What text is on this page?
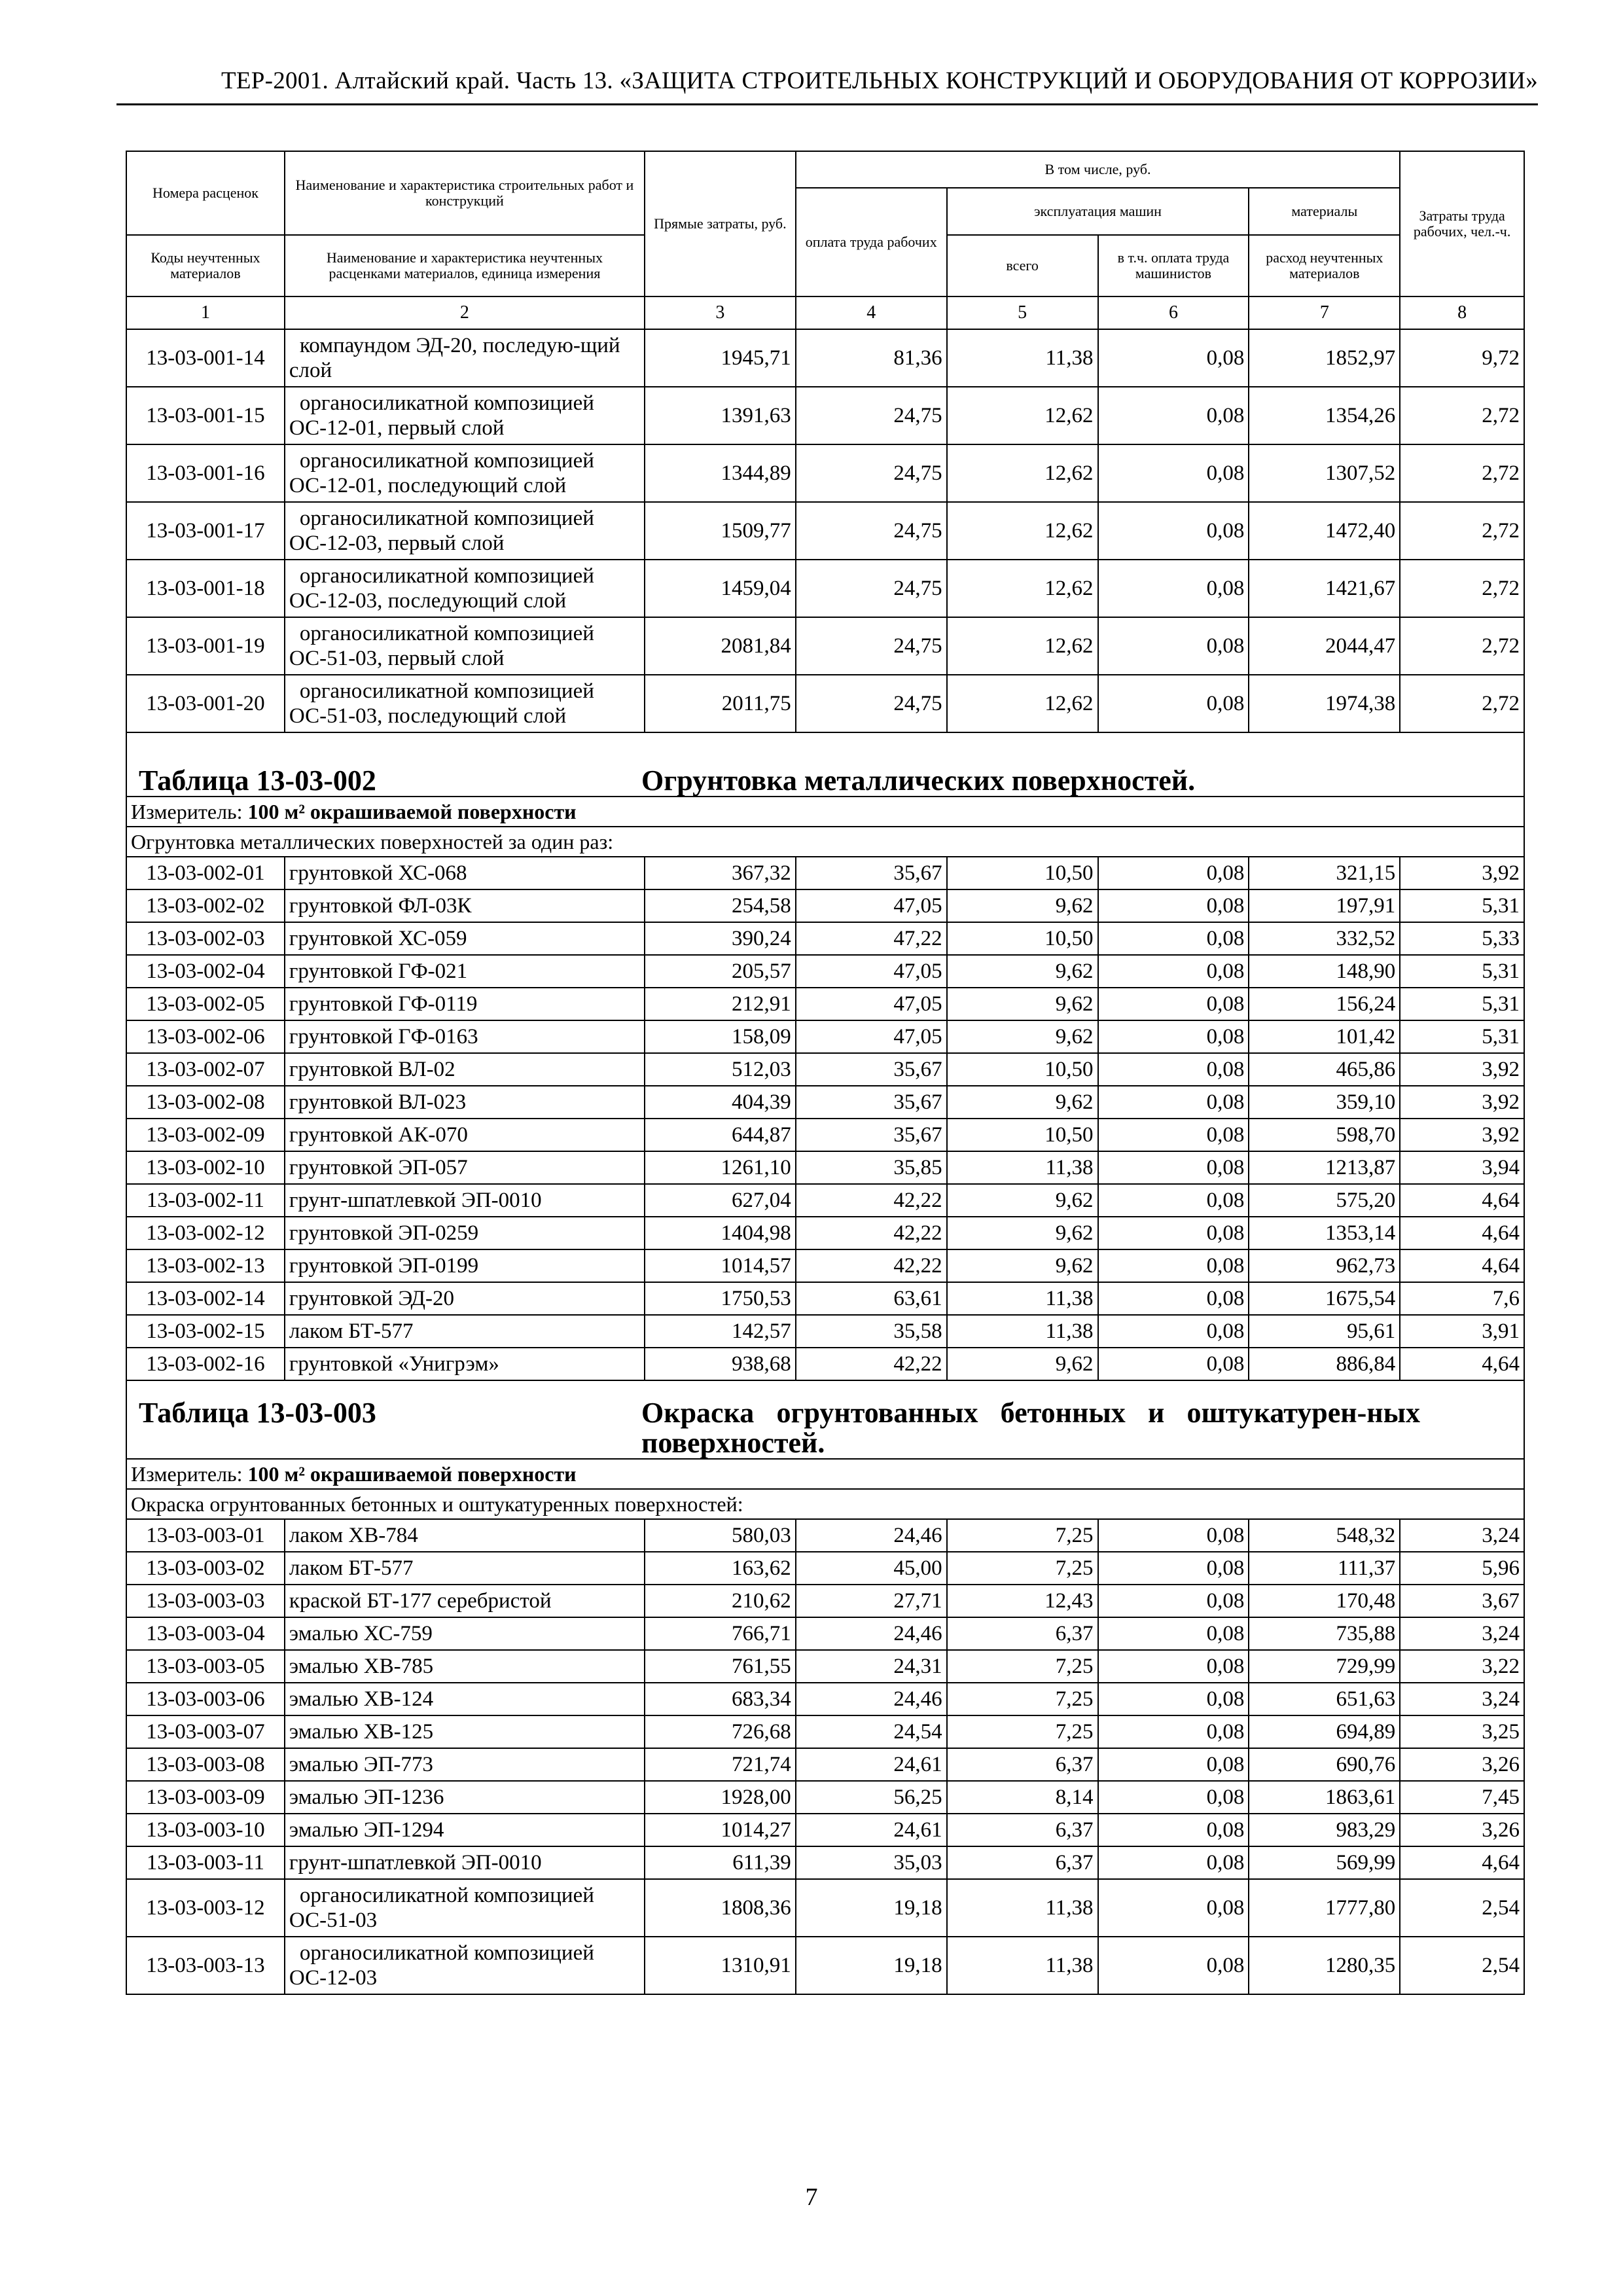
ТЕР-2001. Алтайский край. Часть 13. «ЗАЩИТА СТРОИТЕЛЬНЫХ КОНСТРУКЦИЙ И ОБОРУДОВАНИЯ ОТ КОРРОЗИИ»
Номера расценок	Наименование и характеристика строительных работ и конструкций	Прямые затраты, руб.	В том числе, руб.				Затраты труда рабочих, чел.-ч.
			оплата труда рабочих	эксплуатация машин		материалы	
Коды неучтенных материалов	Наименование и характеристика неучтенных расценками материалов, единица измерения			всего	в т.ч. оплата труда машинистов	расход неучтенных материалов	
1	2	3	4	5	6	7	8
13-03-001-14	компаундом ЭД-20, последую-щий слой	1945,71	81,36	11,38	0,08	1852,97	9,72
13-03-001-15	органосиликатной композицией ОС-12-01, первый слой	1391,63	24,75	12,62	0,08	1354,26	2,72
13-03-001-16	органосиликатной композицией ОС-12-01, последующий слой	1344,89	24,75	12,62	0,08	1307,52	2,72
13-03-001-17	органосиликатной композицией ОС-12-03, первый слой	1509,77	24,75	12,62	0,08	1472,40	2,72
13-03-001-18	органосиликатной композицией ОС-12-03, последующий слой	1459,04	24,75	12,62	0,08	1421,67	2,72
13-03-001-19	органосиликатной композицией ОС-51-03, первый слой	2081,84	24,75	12,62	0,08	2044,47	2,72
13-03-001-20	органосиликатной композицией ОС-51-03, последующий слой	2011,75	24,75	12,62	0,08	1974,38	2,72
Таблица 13-03-002 Огрунтовка металлических поверхностей.							
Измеритель: 100 м² окрашиваемой поверхности							
Огрунтовка металлических поверхностей за один раз:							
13-03-002-01	грунтовкой ХС-068	367,32	35,67	10,50	0,08	321,15	3,92
13-03-002-02	грунтовкой ФЛ-03К	254,58	47,05	9,62	0,08	197,91	5,31
13-03-002-03	грунтовкой ХС-059	390,24	47,22	10,50	0,08	332,52	5,33
13-03-002-04	грунтовкой ГФ-021	205,57	47,05	9,62	0,08	148,90	5,31
13-03-002-05	грунтовкой ГФ-0119	212,91	47,05	9,62	0,08	156,24	5,31
13-03-002-06	грунтовкой ГФ-0163	158,09	47,05	9,62	0,08	101,42	5,31
13-03-002-07	грунтовкой ВЛ-02	512,03	35,67	10,50	0,08	465,86	3,92
13-03-002-08	грунтовкой ВЛ-023	404,39	35,67	9,62	0,08	359,10	3,92
13-03-002-09	грунтовкой АК-070	644,87	35,67	10,50	0,08	598,70	3,92
13-03-002-10	грунтовкой ЭП-057	1261,10	35,85	11,38	0,08	1213,87	3,94
13-03-002-11	грунт-шпатлевкой ЭП-0010	627,04	42,22	9,62	0,08	575,20	4,64
13-03-002-12	грунтовкой ЭП-0259	1404,98	42,22	9,62	0,08	1353,14	4,64
13-03-002-13	грунтовкой ЭП-0199	1014,57	42,22	9,62	0,08	962,73	4,64
13-03-002-14	грунтовкой ЭД-20	1750,53	63,61	11,38	0,08	1675,54	7,6
13-03-002-15	лаком БТ-577	142,57	35,58	11,38	0,08	95,61	3,91
13-03-002-16	грунтовкой «Унигрэм»	938,68	42,22	9,62	0,08	886,84	4,64
Таблица 13-03-003 Окраска огрунтованных бетонных и оштукатурен-ных поверхностей.							
Измеритель: 100 м² окрашиваемой поверхности							
Окраска огрунтованных бетонных и оштукатуренных поверхностей:							
13-03-003-01	лаком ХВ-784	580,03	24,46	7,25	0,08	548,32	3,24
13-03-003-02	лаком БТ-577	163,62	45,00	7,25	0,08	111,37	5,96
13-03-003-03	краской БТ-177 серебристой	210,62	27,71	12,43	0,08	170,48	3,67
13-03-003-04	эмалью ХС-759	766,71	24,46	6,37	0,08	735,88	3,24
13-03-003-05	эмалью ХВ-785	761,55	24,31	7,25	0,08	729,99	3,22
13-03-003-06	эмалью ХВ-124	683,34	24,46	7,25	0,08	651,63	3,24
13-03-003-07	эмалью ХВ-125	726,68	24,54	7,25	0,08	694,89	3,25
13-03-003-08	эмалью ЭП-773	721,74	24,61	6,37	0,08	690,76	3,26
13-03-003-09	эмалью ЭП-1236	1928,00	56,25	8,14	0,08	1863,61	7,45
13-03-003-10	эмалью ЭП-1294	1014,27	24,61	6,37	0,08	983,29	3,26
13-03-003-11	грунт-шпатлевкой ЭП-0010	611,39	35,03	6,37	0,08	569,99	4,64
13-03-003-12	органосиликатной композицией ОС-51-03	1808,36	19,18	11,38	0,08	1777,80	2,54
13-03-003-13	органосиликатной композицией ОС-12-03	1310,91	19,18	11,38	0,08	1280,35	2,54
7
